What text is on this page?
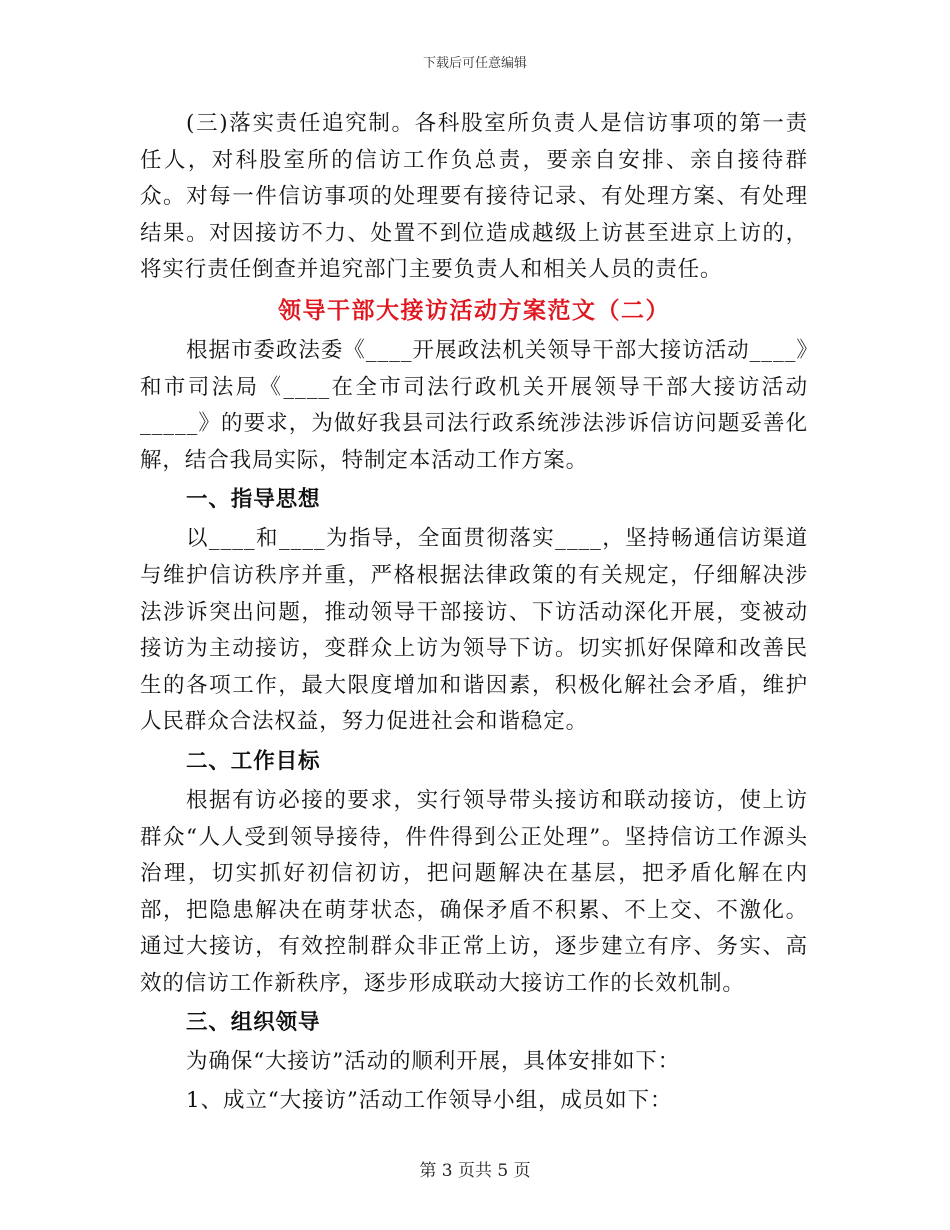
下载后可任意编辑

(三)落实责任追究制。各科股室所负责人是信访事项的第一责任人，对科股室所的信访工作负总责，要亲自安排、亲自接待群众。对每一件信访事项的处理要有接待记录、有处理方案、有处理结果。对因接访不力、处置不到位造成越级上访甚至进京上访的，将实行责任倒查并追究部门主要负责人和相关人员的责任。

领导干部大接访活动方案范文（二）

根据市委政法委《____开展政法机关领导干部大接访活动____》和市司法局《____在全市司法行政机关开展领导干部大接访活动_____》的要求，为做好我县司法行政系统涉法涉诉信访问题妥善化解，结合我局实际，特制定本活动工作方案。

一、指导思想

以____和____为指导，全面贯彻落实____，坚持畅通信访渠道与维护信访秩序并重，严格根据法律政策的有关规定，仔细解决涉法涉诉突出问题，推动领导干部接访、下访活动深化开展，变被动接访为主动接访，变群众上访为领导下访。切实抓好保障和改善民生的各项工作，最大限度增加和谐因素，积极化解社会矛盾，维护人民群众合法权益，努力促进社会和谐稳定。

二、工作目标

根据有访必接的要求，实行领导带头接访和联动接访，使上访群众“人人受到领导接待，件件得到公正处理”。坚持信访工作源头治理，切实抓好初信初访，把问题解决在基层，把矛盾化解在内部，把隐患解决在萌芽状态，确保矛盾不积累、不上交、不激化。通过大接访，有效控制群众非正常上访，逐步建立有序、务实、高效的信访工作新秩序，逐步形成联动大接访工作的长效机制。

三、组织领导

为确保“大接访”活动的顺利开展，具体安排如下：

1、成立“大接访”活动工作领导小组，成员如下：

第 3 页共 5 页
